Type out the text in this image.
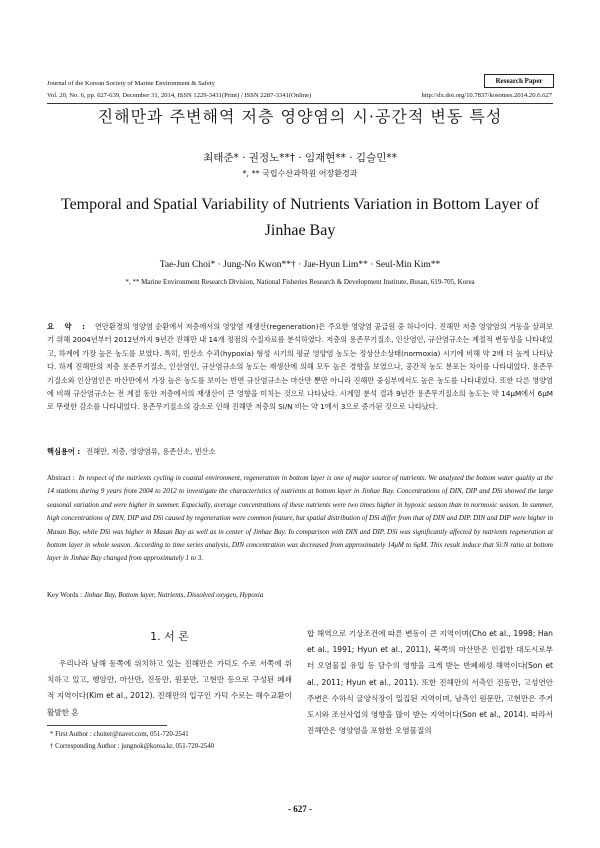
Research Paper
Journal of the Korean Society of Marine Environment & Safety
Vol. 20, No. 6, pp. 627-639, December 31, 2014, ISSN 1229-3431(Print) / ISSN 2287-3341(Online)	http://dx.doi.org/10.7837/kosomes.2014.20.6.627
진해만과 주변해역 저층 영양염의 시·공간적 변동 특성
최태준* · 권정노**† · 임재현** · 김슬민**
*, ** 국립수산과학원 어장환경과
Temporal and Spatial Variability of Nutrients Variation in Bottom Layer of Jinhae Bay
Tae-Jun Choi* · Jung-No Kwon**† · Jae-Hyun Lim** · Seul-Min Kim**
*, ** Marine Environment Research Division, National Fisheries Research & Development Institute, Busan, 619-705, Korea
요 약 : 연안환경의 영양염 순환에서 저층에서의 영양염 재생산(regeneration)은 주요한 영양염 공급원 중 하나이다. 진해만 저층 영양염의 거동을 살펴보기 위해 2004년부터 2012년까지 9년간 진해만 내 14개 정점의 수질자료를 분석하였다. 저층의 용존무기질소, 인산염인, 규산염규소는 계절적 변동성을 나타내었고, 하계에 가장 높은 농도를 보였다. 특히, 빈산소 수괴(hypoxia) 형성 시기의 평균 영양염 농도는 정상산소상태(normoxia) 시기에 비해 약 2배 더 높게 나타났다. 하계 진해만의 저층 용존무기질소, 인산염인, 규산염규소의 농도는 재생산에 의해 모두 높은 경향을 보였으나, 공간적 농도 분포는 차이를 나타내었다. 용존무기질소와 인산염인은 마산만에서 가장 높은 농도를 보이는 반면 규산염규소는 마산만 뿐만 아니라 진해만 중심부에서도 높은 농도를 나타내었다. 또한 다른 영양염에 비해 규산염규소는 전 계절 동안 저층에서의 재생산이 큰 영향을 미치는 것으로 나타났다. 시계열 분석 결과 9년간 용존무기질소의 농도는 약 14μM에서 6μM로 뚜렷한 감소를 나타내었다. 용존무기질소의 감소로 인해 진해만 저층의 Si/N 비는 약 1에서 3으로 증가된 것으로 나타났다.
핵심용어 : 진해만, 저층, 영양염류, 용존산소, 빈산소
Abstract : In respect of the nutrients cycling in coastal environment, regeneration in bottom layer is one of major source of nutrients. We analyzed the bottom water quality at the 14 stations during 9 years from 2004 to 2012 to investigate the characteristics of nutrients at bottom layer in Jinhae Bay. Concentrations of DIN, DIP and DSi showed the large seasonal variation and were higher in summer. Especially, average concentrations of these nutrients were two times higher in hypoxic season than in normoxic season. In summer, high concentrations of DIN, DIP and DSi caused by regeneration were common feature, but spatial distribution of DSi differ from that of DIN and DIP. DIN and DIP were higher in Masan Bay, while DSi was higher in Masan Bay as well as in center of Jinhae Bay. In comparison with DIN and DIP, DSi was significantly affected by nutrients regeneration at bottom layer in whole season. According to time series analysis, DIN concentration was decreased from approximately 14μM to 6μM. This result induce that Si:N ratio at bottom layer in Jinhae Bay changed from approximately 1 to 3.
Key Words : Jinhae Bay, Bottom layer, Nutrients, Dissolved oxygen, Hypoxia
1. 서 론

우리나라 남해 동쪽에 위치하고 있는 진해만은 가덕도 수로 서쪽에 위치하고 있고, 행암만, 마산만, 진동만, 원문만, 고현만 등으로 구성된 폐쇄적 지역이다(Kim et al., 2012). 진해만의 입구인 가덕 수로는 해수교환이 활발한 혼

합 해역으로 기상조건에 따른 변동이 큰 지역이며(Cho et al., 1998; Han et al., 1991; Hyun et al., 2011), 북쪽의 마산만은 인접한 대도시로부터 오염물질 유입 등 담수의 영향을 크게 받는 반폐쇄성 해역이다(Son et al., 2011; Hyun et al., 2011). 또한 진해만의 서측인 진동만, 고성연안 주변은 수하식 굴양식장이 밀집된 지역이며, 남측인 원문만, 고현만은 주거도시와 조선사업의 영향을 많이 받는 지역이다(Son et al., 2014). 따라서 진해만은 영양염을 포함한 오염물질의

* First Author : choiter@naver.com, 051-720-2541
† Corresponding Author : jungnok@korea.kr, 051-720-2540
- 627 -
